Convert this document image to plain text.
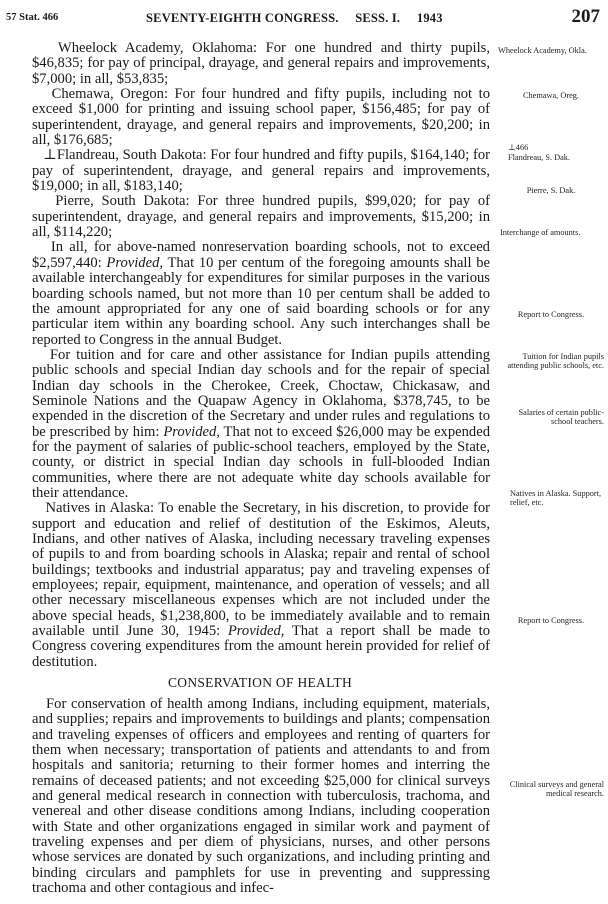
57 Stat. 466	SEVENTY-EIGHTH CONGRESS.     SESS. I.     1943	207

Wheelock Academy, Oklahoma: For one hundred and thirty pupils, $46,835; for pay of principal, drayage, and general repairs and improvements, $7,000; in all, $53,835;

Chemawa, Oregon: For four hundred and fifty pupils, including not to exceed $1,000 for printing and issuing school paper, $156,485; for pay of superintendent, drayage, and general repairs and improvements, $20,200; in all, $176,685;

⊥Flandreau, South Dakota: For four hundred and fifty pupils, $164,140; for pay of superintendent, drayage, and general repairs and improvements, $19,000; in all, $183,140;

Pierre, South Dakota: For three hundred pupils, $99,020; for pay of superintendent, drayage, and general repairs and improvements, $15,200; in all, $114,220;

In all, for above-named nonreservation boarding schools, not to exceed $2,597,440: Provided, That 10 per centum of the foregoing amounts shall be available interchangeably for expenditures for similar purposes in the various boarding schools named, but not more than 10 per centum shall be added to the amount appropriated for any one of said boarding schools or for any particular item within any boarding school. Any such interchanges shall be reported to Congress in the annual Budget.

For tuition and for care and other assistance for Indian pupils attending public schools and special Indian day schools and for the repair of special Indian day schools in the Cherokee, Creek, Choctaw, Chickasaw, and Seminole Nations and the Quapaw Agency in Oklahoma, $378,745, to be expended in the discretion of the Secretary and under rules and regulations to be prescribed by him: Provided, That not to exceed $26,000 may be expended for the payment of salaries of public-school teachers, employed by the State, county, or district in special Indian day schools in full-blooded Indian communities, where there are not adequate white day schools available for their attendance.

Natives in Alaska: To enable the Secretary, in his discretion, to provide for support and education and relief of destitution of the Eskimos, Aleuts, Indians, and other natives of Alaska, including necessary traveling expenses of pupils to and from boarding schools in Alaska; repair and rental of school buildings; textbooks and industrial apparatus; pay and traveling expenses of employees; repair, equipment, maintenance, and operation of vessels; and all other necessary miscellaneous expenses which are not included under the above special heads, $1,238,800, to be immediately available and to remain available until June 30, 1945: Provided, That a report shall be made to Congress covering expenditures from the amount herein provided for relief of destitution.

CONSERVATION OF HEALTH

For conservation of health among Indians, including equipment, materials, and supplies; repairs and improvements to buildings and plants; compensation and traveling expenses of officers and employees and renting of quarters for them when necessary; transportation of patients and attendants to and from hospitals and sanitoria; returning to their former homes and interring the remains of deceased patients; and not exceeding $25,000 for clinical surveys and general medical research in connection with tuberculosis, trachoma, and venereal and other disease conditions among Indians, including cooperation with State and other organizations engaged in similar work and payment of traveling expenses and per diem of physicians, nurses, and other persons whose services are donated by such organizations, and including printing and binding circulars and pamphlets for use in preventing and suppressing trachoma and other contagious and infec-

Wheelock Academy, Okla.
Chemawa, Oreg.
⊥466
Flandreau, S. Dak.
Pierre, S. Dak.
Interchange of amounts.
Report to Congress.
Tuition for Indian pupils attending public schools, etc.
Salaries of certain public-school teachers.
Natives in Alaska. Support, relief, etc.
Report to Congress.
Clinical surveys and general medical research.
